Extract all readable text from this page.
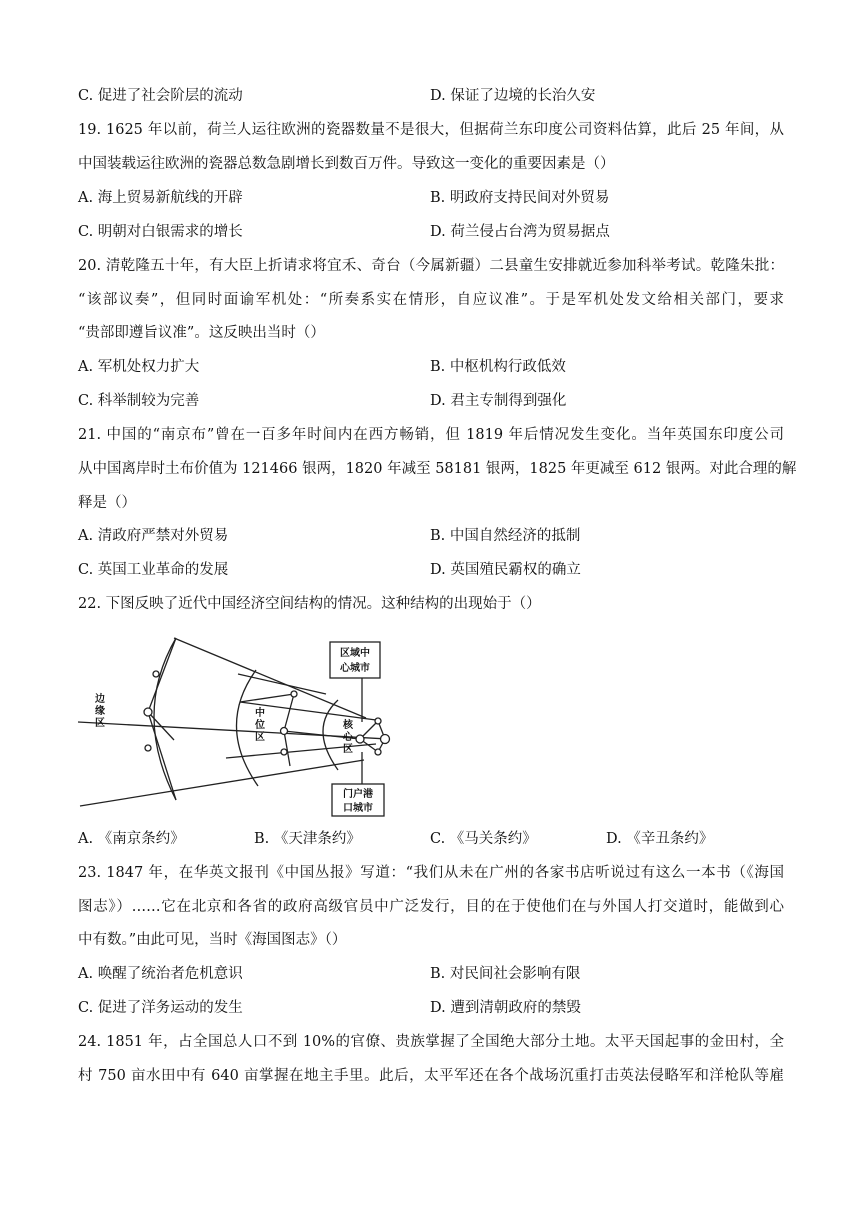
C. 促进了社会阶层的流动	D. 保证了边境的长治久安
19. 1625 年以前，荷兰人运往欧洲的瓷器数量不是很大，但据荷兰东印度公司资料估算，此后 25 年间，从
中国装载运往欧洲的瓷器总数急剧增长到数百万件。导致这一变化的重要因素是（）
A. 海上贸易新航线的开辟	B. 明政府支持民间对外贸易
C. 明朝对白银需求的增长	D. 荷兰侵占台湾为贸易据点
20. 清乾隆五十年，有大臣上折请求将宜禾、奇台（今属新疆）二县童生安排就近参加科举考试。乾隆朱批：
“该部议奏”，但同时面谕军机处：“所奏系实在情形，自应议准”。于是军机处发文给相关部门，要求
“贵部即遵旨议准”。这反映出当时（）
A. 军机处权力扩大	B. 中枢机构行政低效
C. 科举制较为完善	D. 君主专制得到强化
21. 中国的“南京布”曾在一百多年时间内在西方畅销，但 1819 年后情况发生变化。当年英国东印度公司
从中国离岸时土布价值为 121466 银两，1820 年减至 58181 银两，1825 年更减至 612 银两。对此合理的解
释是（）
A. 清政府严禁对外贸易	B. 中国自然经济的抵制
C. 英国工业革命的发展	D. 英国殖民霸权的确立
22. 下图反映了近代中国经济空间结构的情况。这种结构的出现始于（）
区域中
心城市
门户港
口城市
边
缘
区
中
位
区
核
心
区
A. 《南京条约》	B. 《天津条约》	C. 《马关条约》	D. 《辛丑条约》
23. 1847 年，在华英文报刊《中国丛报》写道：“我们从未在广州的各家书店听说过有这么一本书（《海国
图志》）……它在北京和各省的政府高级官员中广泛发行，目的在于使他们在与外国人打交道时，能做到心
中有数。”由此可见，当时《海国图志》（）
A. 唤醒了统治者危机意识	B. 对民间社会影响有限
C. 促进了洋务运动的发生	D. 遭到清朝政府的禁毁
24. 1851 年，占全国总人口不到 10%的官僚、贵族掌握了全国绝大部分土地。太平天国起事的金田村，全
村 750 亩水田中有 640 亩掌握在地主手里。此后，太平军还在各个战场沉重打击英法侵略军和洋枪队等雇
